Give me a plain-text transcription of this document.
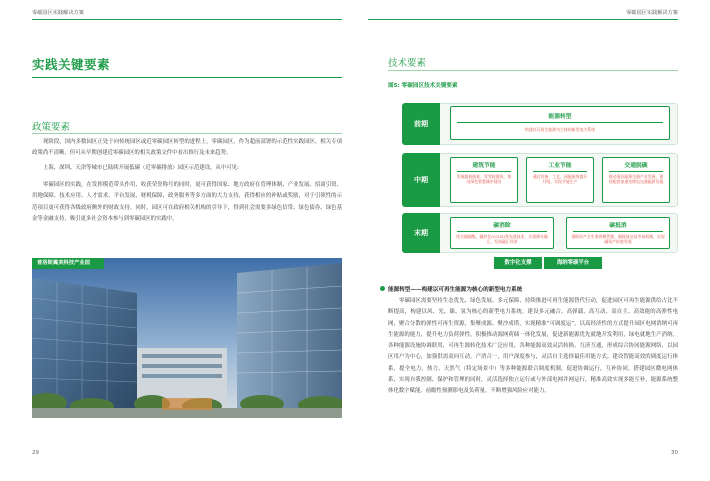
零碳园区实践解决方案	零碳园区实践解决方案
实践关键要素
政策要素
现阶段，国内多数园区正处于向传统园区或近零碳园区转型的进程上。零碳园区，作为超前部署的示范性实践园区，相关专项政策尚不清晰，但可从早期创建近零碳园区的相关政策文件中看出推行及未来趋势。
上海、深圳、天津等城市已陆续开展低碳（近零碳排放）园区示范建设，从中可见:
零碳园区的实践，在发挥模范带头作用、收获荣誉称号的同时，更可获得国家、地方政府在管理体制、产业发展、招商引资、用地保障、技术应用、人才需求、平台发展、财税保障、政务服务等多方面的大力支持，获得相应的补贴或奖励，对于引领性的示范项目更可获得各级政府额外的财政支持。同时，园区可在政府相关机构的引导下，得到社会需要多绿色信贷、绿色债券、绿色基金等金融支持，吸引更多社会资本参与到零碳园区的实践中。
普洛斯翼美科技产业园
技术要素
图5: 零碳园区技术关键要素
前期
能源转型
构建以可再生能源为主体的新型电力系统
中期
建筑节能
发展超低能耗、零零耗建筑，推动绿色智慧城市建设
工业节能
通过设备、工艺、园能能效提升升级，实现节能生产
交通脱碳
推动清洁能源交通产业发展，建设配套加速充换电交通能源设施
末期
碳消除
结合碳捕集、碳封存(CCUS)等先进技术，实现源头碳汇、发展碳汇经济
碳抵消
借助资产全生命周期管理、碳排放交易市场机制，实现碳资产价值发展
数字化支撑	海纳零碳平台
能源转型——构建以可再生能源为核心的新型电力系统
零碳园区需要坚持生态优先、绿色发展、多元保障、持续推进可再生能源替代行动，促进园区可再生能源供给占比不断提高，构建以风、光、储、氢为核心的新型电力系统。建设多元融合、高弹载、高互动、高自主、高效能的高弹性电网，聚合分散的弹性可再生资源，集聚成源、聚沙成塔，实现精准“可调度运”，以高经济性的方式提升园区电网消纳可再生能源的能力，提升电力负荷弹性，积极推动源网荷储一体化发展，促进新能源优先就地开发利用，绿电就地生产消纳，各种能源设施协调联用，可再生源转化技术广泛应用，各种能源高效灵活转换、互济互通，形成综合协同能源网络，以园区用户为中心，加强供需双向互动，产消合一，用户深度参与，灵活自主选择最佳用能方式。建设智能高效的调度运行体系，提全电力、热力、天然气（特定场景中）等多种能源联合调度机制，促进协调运行，互补协同。搭建园区微电网体系，实现自我控制、保护和管理的同时，灵活选择独立运行或与外部电网并网运行，精准高效实现多能互补，能源系统整体化数字赋能，前瞻性预测影电及负荷量，不断增强风险应对能力。
29	30
